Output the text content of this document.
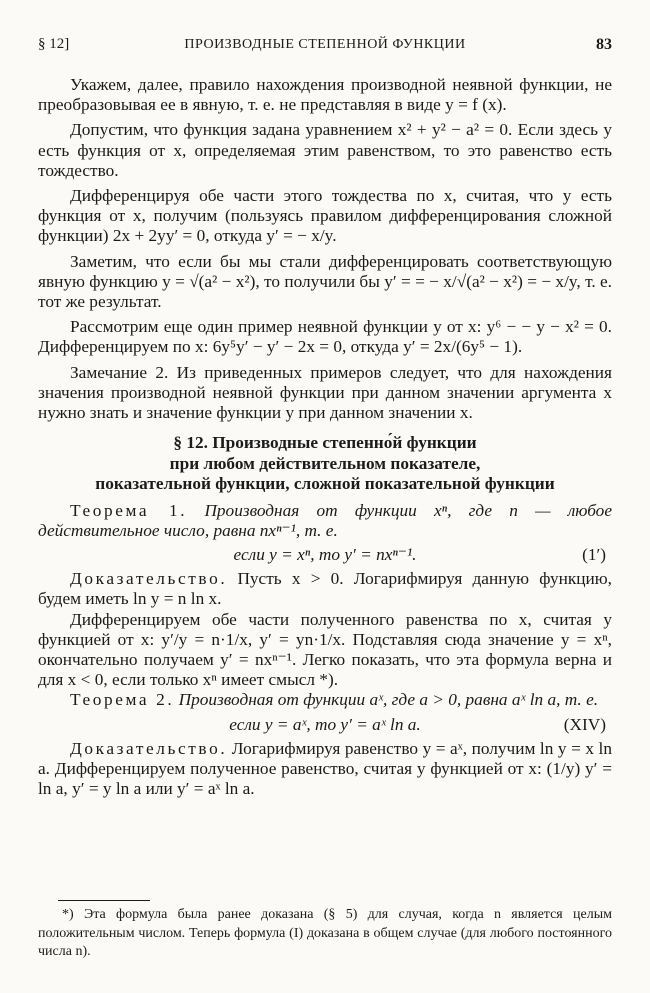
§ 12]	ПРОИЗВОДНЫЕ СТЕПЕННОЙ ФУНКЦИИ	83

Укажем, далее, правило нахождения производной неявной функции, не преобразовывая ее в явную, т. е. не представляя в виде y = f (x).

Допустим, что функция задана уравнением x² + y² − a² = 0. Если здесь y есть функция от x, определяемая этим равенством, то это равенство есть тождество.

Дифференцируя обе части этого тождества по x, считая, что y есть функция от x, получим (пользуясь правилом дифференцирования сложной функции) 2x + 2yy′ = 0, откуда y′ = − x/y.

Заметим, что если бы мы стали дифференцировать соответствующую явную функцию y = √(a² − x²), то получили бы y′ = = − x/√(a² − x²) = − x/y, т. е. тот же результат.

Рассмотрим еще один пример неявной функции y от x: y⁶ − − y − x² = 0. Дифференцируем по x: 6y⁵y′ − y′ − 2x = 0, откуда y′ = 2x/(6y⁵ − 1).

Замечание 2. Из приведенных примеров следует, что для нахождения значения производной неявной функции при данном значении аргумента x нужно знать и значение функции y при данном значении x.

§ 12. Производные степенно́й функции
при любом действительном показателе,
показательной функции, сложной показательной функции

Теорема 1. Производная от функции xⁿ, где n — любое действительное число, равна nxⁿ⁻¹, т. е.

если y = xⁿ, то y′ = nxⁿ⁻¹.	(1′)

Доказательство. Пусть x > 0. Логарифмируя данную функцию, будем иметь ln y = n ln x.

Дифференцируем обе части полученного равенства по x, считая y функцией от x: y′/y = n·1/x, y′ = yn·1/x. Подставляя сюда значение y = xⁿ, окончательно получаем y′ = nxⁿ⁻¹. Легко показать, что эта формула верна и для x < 0, если только xⁿ имеет смысл *).

Теорема 2. Производная от функции aˣ, где a > 0, равна aˣ ln a, т. е.

если y = aˣ, то y′ = aˣ ln a.	(XIV)

Доказательство. Логарифмируя равенство y = aˣ, получим ln y = x ln a. Дифференцируем полученное равенство, считая y функцией от x: (1/y) y′ = ln a, y′ = y ln a или y′ = aˣ ln a.

*) Эта формула была ранее доказана (§ 5) для случая, когда n является целым положительным числом. Теперь формула (I) доказана в общем случае (для любого постоянного числа n).
